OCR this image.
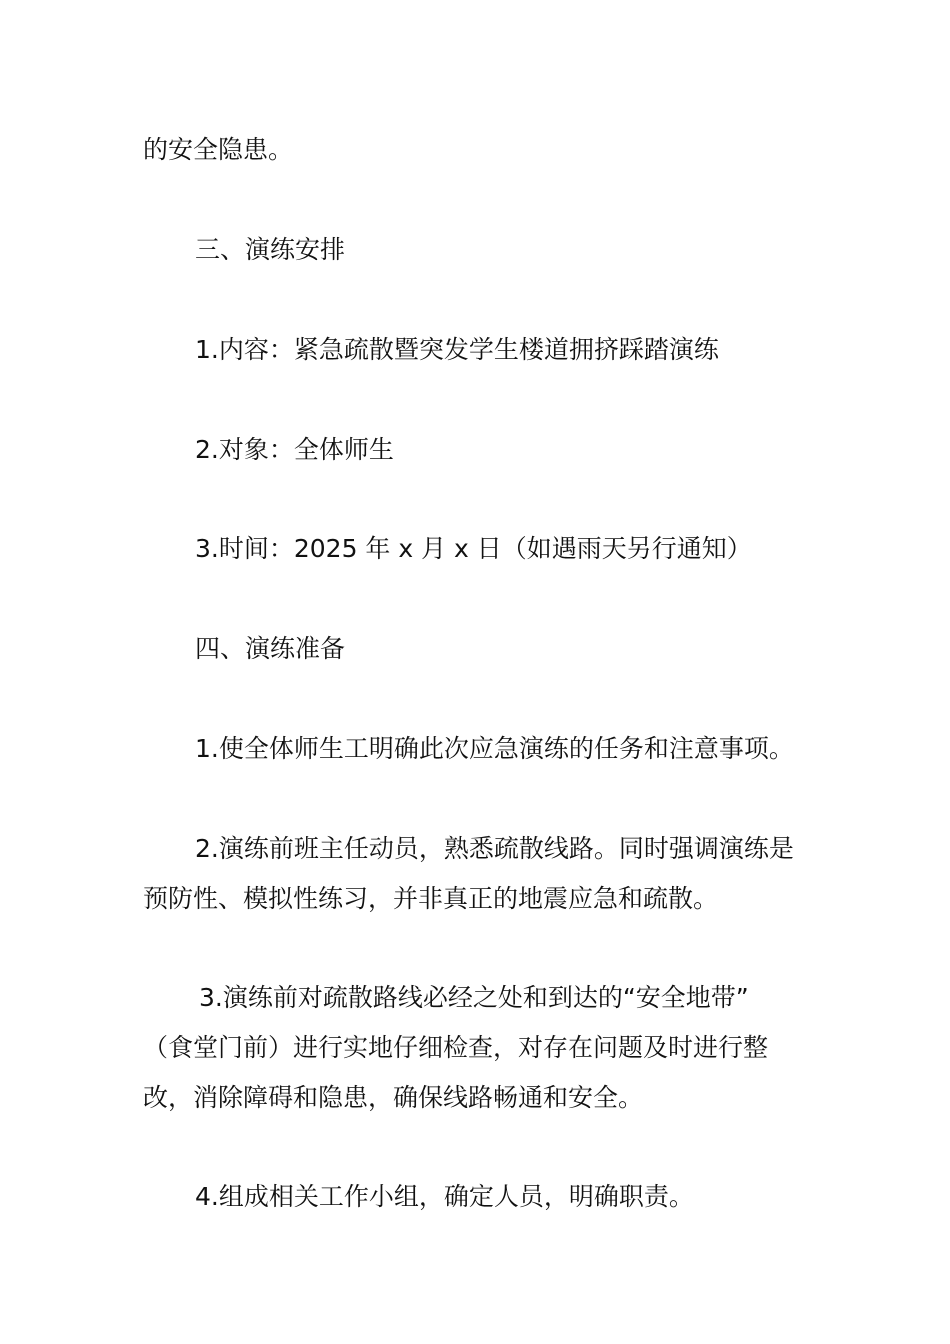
的安全隐患。
三、演练安排
1.内容：紧急疏散暨突发学生楼道拥挤踩踏演练
2.对象：全体师生
3.时间：2025 年 x 月 x 日（如遇雨天另行通知）
四、演练准备
1.使全体师生工明确此次应急演练的任务和注意事项。
2.演练前班主任动员，熟悉疏散线路。同时强调演练是
预防性、模拟性练习，并非真正的地震应急和疏散。
3.演练前对疏散路线必经之处和到达的“安全地带”
（食堂门前）进行实地仔细检查，对存在问题及时进行整
改，消除障碍和隐患，确保线路畅通和安全。
4.组成相关工作小组，确定人员，明确职责。
